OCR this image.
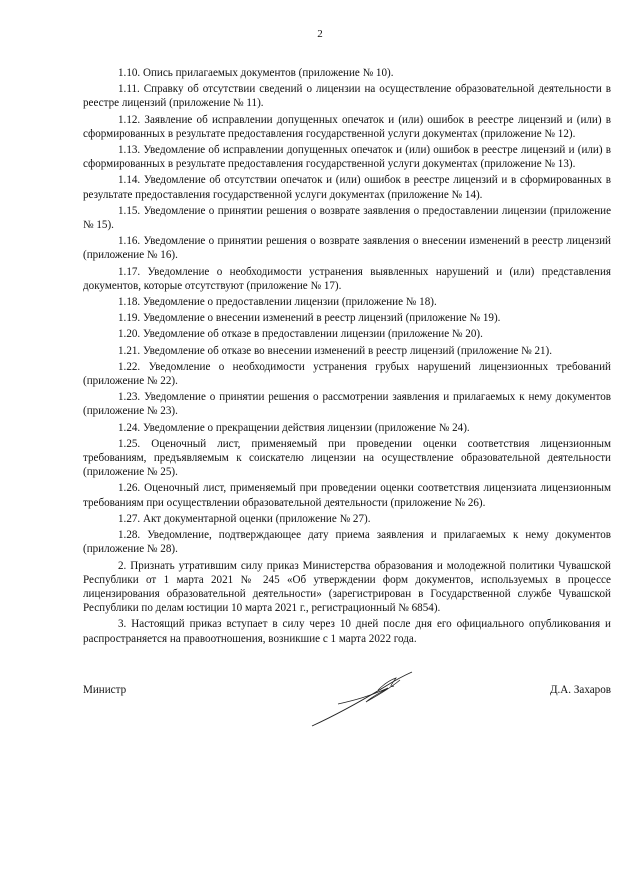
2

1.10. Опись прилагаемых документов (приложение № 10).

1.11. Справку об отсутствии сведений о лицензии на осуществление образовательной деятельности в реестре лицензий (приложение № 11).

1.12. Заявление об исправлении допущенных опечаток и (или) ошибок в реестре лицензий и (или) в сформированных в результате предоставления государственной услуги документах (приложение № 12).

1.13. Уведомление об исправлении допущенных опечаток и (или) ошибок в реестре лицензий и (или) в сформированных в результате предоставления государственной услуги документах (приложение № 13).

1.14. Уведомление об отсутствии опечаток и (или) ошибок в реестре лицензий и в сформированных в результате предоставления государственной услуги документах (приложение № 14).

1.15. Уведомление о принятии решения о возврате заявления о предоставлении лицензии (приложение № 15).

1.16. Уведомление о принятии решения о возврате заявления о внесении изменений в реестр лицензий (приложение № 16).

1.17. Уведомление о необходимости устранения выявленных нарушений и (или) представления документов, которые отсутствуют (приложение № 17).

1.18. Уведомление о предоставлении лицензии (приложение № 18).

1.19. Уведомление о внесении изменений в реестр лицензий (приложение № 19).

1.20. Уведомление об отказе в предоставлении лицензии (приложение № 20).

1.21. Уведомление об отказе во внесении изменений в реестр лицензий (приложение № 21).

1.22. Уведомление о необходимости устранения грубых нарушений лицензионных требований (приложение № 22).

1.23. Уведомление о принятии решения о рассмотрении заявления и прилагаемых к нему документов (приложение № 23).

1.24. Уведомление о прекращении действия лицензии (приложение № 24).

1.25. Оценочный лист, применяемый при проведении оценки соответствия лицензионным требованиям, предъявляемым к соискателю лицензии на осуществление образовательной деятельности (приложение № 25).

1.26. Оценочный лист, применяемый при проведении оценки соответствия лицензиата лицензионным требованиям при осуществлении образовательной деятельности (приложение № 26).

1.27. Акт документарной оценки (приложение № 27).

1.28. Уведомление, подтверждающее дату приема заявления и прилагаемых к нему документов (приложение № 28).

2. Признать утратившим силу приказ Министерства образования и молодежной политики Чувашской Республики от 1 марта 2021 № 245 «Об утверждении форм документов, используемых в процессе лицензирования образовательной деятельности» (зарегистрирован в Государственной службе Чувашской Республики по делам юстиции 10 марта 2021 г., регистрационный № 6854).

3. Настоящий приказ вступает в силу через 10 дней после дня его официального опубликования и распространяется на правоотношения, возникшие с 1 марта 2022 года.

Министр	Д.А. Захаров
